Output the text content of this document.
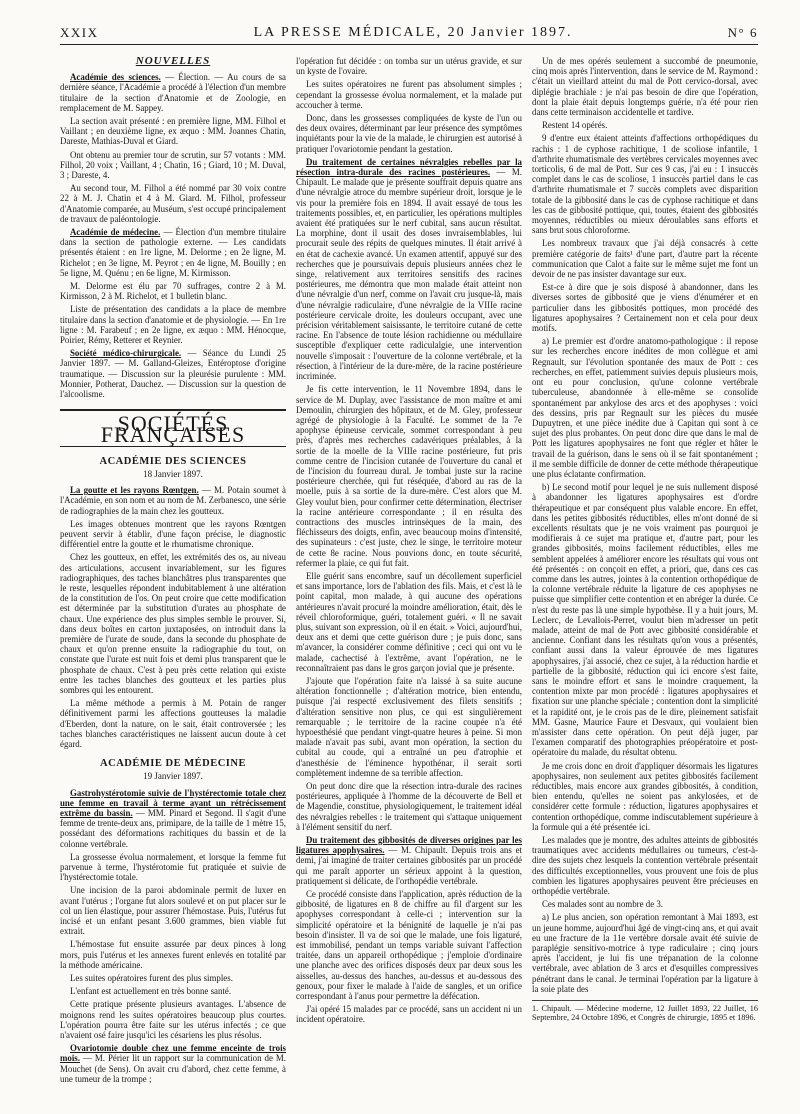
XXIX	LA PRESSE MÉDICALE, 20 Janvier 1897.	N° 6
NOUVELLES

Académie des sciences. — Élection. — Au cours de sa dernière séance, l'Académie a procédé à l'élection d'un membre titulaire de la section d'Anatomie et de Zoologie, en remplacement de M. Sappey.

La section avait présenté : en première ligne, MM. Filhol et Vaillant ; en deuxième ligne, ex æquo : MM. Joannes Chatin, Dareste, Mathias-Duval et Giard.

Ont obtenu au premier tour de scrutin, sur 57 votants : MM. Filhol, 20 voix ; Vaillant, 4 ; Chatin, 16 ; Giard, 10 ; M. Duval, 3 ; Dareste, 4.

Au second tour, M. Filhol a été nommé par 30 voix contre 22 à M. J. Chatin et 4 à M. Giard. M. Filhol, professeur d'Anatomie comparée, au Muséum, s'est occupé principalement de travaux de paléontologie.

Académie de médecine. — Élection d'un membre titulaire dans la section de pathologie externe. — Les candidats présentés étaient : en 1re ligne, M. Delorme ; en 2e ligne, M. Richelot ; en 3e ligne, M. Peyrot ; en 4e ligne, M. Bouilly ; en 5e ligne, M. Quénu ; en 6e ligne, M. Kirmisson.

M. Delorme est élu par 70 suffrages, contre 2 à M. Kirmisson, 2 à M. Richelot, et 1 bulletin blanc.

Liste de présentation des candidats a la place de membre titulaire dans la section d'anatomie et de physiologie. — En 1re ligne : M. Farabeuf ; en 2e ligne, ex æquo : MM. Hénocque, Poirier, Rémy, Retterer et Reynier.

Société médico-chirurgicale. — Séance du Lundi 25 Janvier 1897. — M. Galland-Gleizes, Entéroptose d'origine traumatique. — Discussion sur la pleurésie purulente : MM. Monnier, Potherat, Dauchez. — Discussion sur la question de l'alcoolisme.

SOCIÉTÉS FRANÇAISES
ACADÉMIE DES SCIENCES
18 Janvier 1897.

La goutte et les rayons Rœntgen. — M. Potain soumet à l'Académie, en son nom et au nom de M. Zerbanesco, une série de radiographies de la main chez les goutteux.

Les images obtenues montrent que les rayons Rœntgen peuvent servir à établir, d'une façon précise, le diagnostic différentiel entre la goutte et le rhumatisme chronique.

Chez les goutteux, en effet, les extrémités des os, au niveau des articulations, accusent invariablement, sur les figures radiographiques, des taches blanchâtres plus transparentes que le reste, lesquelles répondent indubitablement à une altération de la constitution de l'os. On peut croire que cette modification est déterminée par la substitution d'urates au phosphate de chaux. Une expérience des plus simples semble le prouver. Si, dans deux boîtes en carton juxtaposées, on introduit dans la première de l'urate de soude, dans la seconde du phosphate de chaux et qu'on prenne ensuite la radiographie du tout, on constate que l'urate est nuit fois et demi plus transparent que le phosphate de chaux. C'est à peu près cette relation qui existe entre les taches blanches des goutteux et les parties plus sombres qui les entourent.

La même méthode a permis à M. Potain de ranger définitivement parmi les affections goutteuses la maladie d'Eberden, dont la nature, on le sait, était controversée ; les taches blanches caractéristiques ne laissent aucun doute à cet égard.

ACADÉMIE DE MÉDECINE
19 Janvier 1897.

Gastrohystérotomie suivie de l'hystérectomie totale chez une femme en travail à terme ayant un rétrécissement extrême du bassin. — MM. Pinard et Segond. Il s'agit d'une femme de trente-deux ans, primipare, de la taille de 1 mètre 15, possédant des déformations rachitiques du bassin et de la colonne vertébrale.

La grossesse évolua normalement, et lorsque la femme fut parvenue à terme, l'hystérotomie fut pratiquée et suivie de l'hystérectomie totale.

Une incision de la paroi abdominale permit de luxer en avant l'utérus ; l'organe fut alors soulevé et on put placer sur le col un lien élastique, pour assurer l'hémostase. Puis, l'utérus fut incisé et un enfant pesant 3.600 grammes, bien viable fut extrait.

L'hémostase fut ensuite assurée par deux pinces à long mors, puis l'utérus et les annexes furent enlevés en totalité par la méthode américaine.

Les suites opératoires furent des plus simples.

L'enfant est actuellement en très bonne santé.

Cette pratique présente plusieurs avantages. L'absence de moignons rend les suites opératoires beaucoup plus courtes. L'opération pourra être faite sur les utérus infectés ; ce que n'avaient osé faire jusqu'ici les césariens les plus résolus.

Ovariotomie double chez une femme enceinte de trois mois. — M. Périer lit un rapport sur la communication de M. Mouchet (de Sens). On avait cru d'abord, chez cette femme, à une tumeur de la trompe ;

l'opération fut décidée : on tomba sur un utérus gravide, et sur un kyste de l'ovaire.

Les suites opératoires ne furent pas absolument simples ; cependant la grossesse évolua normalement, et la malade put accoucher à terme.

Donc, dans les grossesses compliquées de kyste de l'un ou des deux ovaires, déterminant par leur présence des symptômes inquiétants pour la vie de la malade, le chirurgien est autorisé à pratiquer l'ovariotomie pendant la gestation.

Du traitement de certaines névralgies rebelles par la résection intra-durale des racines postérieures. — M. Chipault. Le malade que je présente souffrait depuis quatre ans d'une névralgie atroce du membre supérieur droit, lorsque je le vis pour la première fois en 1894. Il avait essayé de tous les traitements possibles, et, en particulier, les opérations multiples avaient été pratiquées sur le nerf cubital, sans aucun résultat. La morphine, dont il usait des doses invraisemblables, lui procurait seule des répits de quelques minutes. Il était arrivé à en état de cachexie avancé. Un examen attentif, appuyé sur des recherches que je poursuivais depuis plusieurs années chez le singe, relativement aux territoires sensitifs des racines postérieures, me démontra que mon malade était atteint non d'une névralgie d'un nerf, comme on l'avait cru jusque-là, mais d'une névralgie radiculaire, d'une névralgie de la VIIIe racine postérieure cervicale droite, les douleurs occupant, avec une précision véritablement saisissante, le territoire cutané de cette racine. En l'absence de toute lésion rachidienne ou médullaire susceptible d'expliquer cette radiculalgie, une intervention nouvelle s'imposait : l'ouverture de la colonne vertébrale, et la résection, à l'intérieur de la dure-mère, de la racine postérieure incriminée.

Je fis cette intervention, le 11 Novembre 1894, dans le service de M. Duplay, avec l'assistance de mon maître et ami Demoulin, chirurgien des hôpitaux, et de M. Gley, professeur agrégé de physiologie à la Faculté. Le sommet de la 7e apophyse épineuse cervicale, sommet correspondant à peu près, d'après mes recherches cadavériques préalables, à la sortie de la moelle de la VIIIe racine postérieure, fut pris comme centre de l'incision cutanée de l'ouverture du canal et de l'incision du fourreau dural. Je tombai juste sur la racine postérieure cherchée, qui fut réséquée, d'abord au ras de la moelle, puis à sa sortie de la dure-mère. C'est alors que M. Gley voulut bien, pour confirmer cette détermination, électriser la racine antérieure correspondante ; il en résulta des contractions des muscles intrinsèques de la main, des fléchisseurs des doigts, enfin, avec beaucoup moins d'intensité, des supinateurs : c'est juste, chez le singe, le territoire moteur de cette 8e racine. Nous pouvions donc, en toute sécurité, refermer la plaie, ce qui fut fait.

Elle guérit sans encombre, sauf un décollement superficiel et sans importance, lors de l'ablation des fils. Mais, et c'est là le point capital, mon malade, à qui aucune des opérations antérieures n'avait procuré la moindre amélioration, était, dès le réveil chloroformique, guéri, totalement guéri. « Il ne savait plus, suivant son expression, où il en était. » Voici, aujourd'hui, deux ans et demi que cette guérison dure ; je puis donc, sans m'avancer, la considérer comme définitive ; ceci qui ont vu le malade, cachectisé à l'extrême, avant l'opération, ne le reconnaîtraient pas dans le gros garçon jovial que je présente.

J'ajoute que l'opération faite n'a laissé à sa suite aucune altération fonctionnelle ; d'altération motrice, bien entendu, puisque j'ai respecté exclusivement des filets sensitifs ; d'altération sensitive non plus, ce qui est singulièrement remarquable ; le territoire de la racine coupée n'a été hypoesthésié que pendant vingt-quatre heures à peine. Si mon malade n'avait pas subi, avant mon opération, la section du cubital au coude, qui a entraîné un peu d'atrophie et d'anesthésie de l'éminence hypothénar, il serait sorti complètement indemne de sa terrible affection.

On peut donc dire que la résection intra-durale des racines postérieures, appliquée à l'homme de la découverte de Bell et de Magendie, constitue, physiologiquement, le traitement idéal des névralgies rebelles : le traitement qui s'attaque uniquement à l'élément sensitif du nerf.

Du traitement des gibbosités de diverses origines par les ligatures apophysaires. — M. Chipault. Depuis trois ans et demi, j'ai imaginé de traiter certaines gibbosités par un procédé qui me paraît apporter un sérieux appoint à la question, pratiquement si délicate, de l'orthopédie vertébrale.

Ce procédé consiste dans l'application, après réduction de la gibbosité, de ligatures en 8 de chiffre au fil d'argent sur les apophyses correspondant à celle-ci ; intervention sur la simplicité opératoire et la bénignité de laquelle je n'ai pas besoin d'insister. Il va de soi que le malade, une fois ligaturé, est immobilisé, pendant un temps variable suivant l'affection traitée, dans un appareil orthopédique ; j'emploie d'ordinaire une planche avec des orifices disposés deux par deux sous les aisselles, au-dessus des hanches, au-dessus et au-dessous des genoux, pour fixer le malade à l'aide de sangles, et un orifice correspondant à l'anus pour permettre la défécation.

J'ai opéré 15 malades par ce procédé, sans un accident ni un incident opératoire.

Un de mes opérés seulement a succombé de pneumonie, cinq mois après l'intervention, dans le service de M. Raymond : c'était un vieillard atteint du mal de Pott cervico-dorsal, avec diplégie brachiale : je n'ai pas besoin de dire que l'opération, dont la plaie était depuis longtemps guérie, n'a été pour rien dans cette terminaison accidentelle et tardive.

Restent 14 opérés.

9 d'entre eux étaient atteints d'affections orthopédiques du rachis : 1 de cyphose rachitique, 1 de scoliose infantile, 1 d'arthrite rhumatismale des vertèbres cervicales moyennes avec torticolis, 6 de mal de Pott. Sur ces 9 cas, j'ai eu : 1 insuccès complet dans le cas de scoliose, 1 insuccès partiel dans le cas d'arthrite rhumatismale et 7 succès complets avec disparition totale de la gibbosité dans le cas de cyphose rachitique et dans les cas de gibbosité pottique, qui, toutes, étaient des gibbosités moyennes, réductibles ou mieux déroulables sans efforts et sans brut sous chloroforme.

Les nombreux travaux que j'ai déjà consacrés à cette première catégorie de faits¹ d'une part, d'autre part la récente communication que Calot a faite sur le même sujet me font un devoir de ne pas insister davantage sur eux.

Est-ce à dire que je sois disposé à abandonner, dans les diverses sortes de gibbosité que je viens d'énumérer et en particulier dans les gibbosités pottiques, mon procédé des ligatures apophysaires ? Certainement non et cela pour deux motifs.

a) Le premier est d'ordre anatomo-pathologique : il repose sur les recherches encore inédites de mon collègue et ami Regnault, sur l'évolution spontanée des maux de Pott : ces recherches, en effet, patiemment suivies depuis plusieurs mois, ont eu pour conclusion, qu'une colonne vertébrale tuberculeuse, abandonnée à elle-même se consolide spontanément par ankylose des arcs et des apophyses : voici des dessins, pris par Regnault sur les pièces du musée Dupuytren, et une pièce inédite due à Capitan qui sont à ce sujet des plus probantes. On peut donc dire que dans le mal de Pott les ligatures apophysaires ne font que régler et hâter le travail de la guérison, dans le sens où il se fait spontanément ; il me semble difficile de donner de cette méthode thérapeutique une plus éclatante confirmation.

b) Le second motif pour lequel je ne suis nullement disposé à abandonner les ligatures apophysaires est d'ordre thérapeutique et par conséquent plus valable encore. En effet, dans les petites gibbosités réductibles, elles m'ont donné de si excellents résultats que je ne vois vraiment pas pourquoi je modifierais à ce sujet ma pratique et, d'autre part, pour les grandes gibbosités, moins facilement réductibles, elles me semblent appelées à améliorer encore les résultats qui vous ont été présentés : on conçoit en effet, a priori, que, dans ces cas comme dans les autres, jointes à la contention orthopédique de la colonne vertébrale réduite la ligature de ces apophyses ne puisse que simplifier cette contention et en abréger la durée. Ce n'est du reste pas là une simple hypothèse. Il y a huit jours, M. Leclerc, de Levallois-Perret, voulut bien m'adresser un petit malade, atteint de mal de Pott avec gibbosité considérable et ancienne. Confiant dans les résultats qu'on vous a présentés, confiant aussi dans la valeur éprouvée de mes ligatures apophysaires, j'ai associé, chez ce sujet, à la réduction hardie et partielle de la gibbosité, réduction qui ici encore s'est faite, sans le moindre effort et sans le moindre craquement, la contention mixte par mon procédé : ligatures apophysaires et fixation sur une planche spéciale ; contention dont la simplicité et la rapidité ont, je le crois pas de le dire, pleinement satisfait MM. Gasne, Maurice Faure et Desvaux, qui voulaient bien m'assister dans cette opération. On peut déjà juger, par l'examen comparatif des photographies préopératoire et post-opératoire du malade, du résultat obtenu.

Je me crois donc en droit d'appliquer désormais les ligatures apophysaires, non seulement aux petites gibbosités facilement réductibles, mais encore aux grandes gibbosités, à condition, bien entendu, qu'elles ne soient pas ankylosées, et de considérer cette formule : réduction, ligatures apophysaires et contention orthopédique, comme indiscutablement supérieure à la formule qui a été présentée ici.

Les malades que je montre, des adultes atteints de gibbosités traumatiques avec accidents médullaires ou tumeurs, c'est-à-dire des sujets chez lesquels la contention vertébrale présentait des difficultés exceptionnelles, vous prouvent une fois de plus combien les ligatures apophysaires peuvent être précieuses en orthopédie vertébrale.

Ces malades sont au nombre de 3.

a) Le plus ancien, son opération remontant à Mai 1893, est un jeune homme, aujourd'hui âgé de vingt-cinq ans, et qui avait eu une fracture de la 11e vertèbre dorsale avait été suivie de paraplégie sensitivo-motrice à type radiculaire ; cinq jours après l'accident, je lui fis une trépanation de la colonne vertébrale, avec ablation de 3 arcs et d'esquilles compressives pénétrant dans le canal. Je terminai l'opération par la ligature à la soie plate des

1. Chipault. — Médecine moderne, 12 Juillet 1893, 22 Juillet, 16 Septembre, 24 Octobre 1896, et Congrès de chirurgie, 1895 et 1896.
